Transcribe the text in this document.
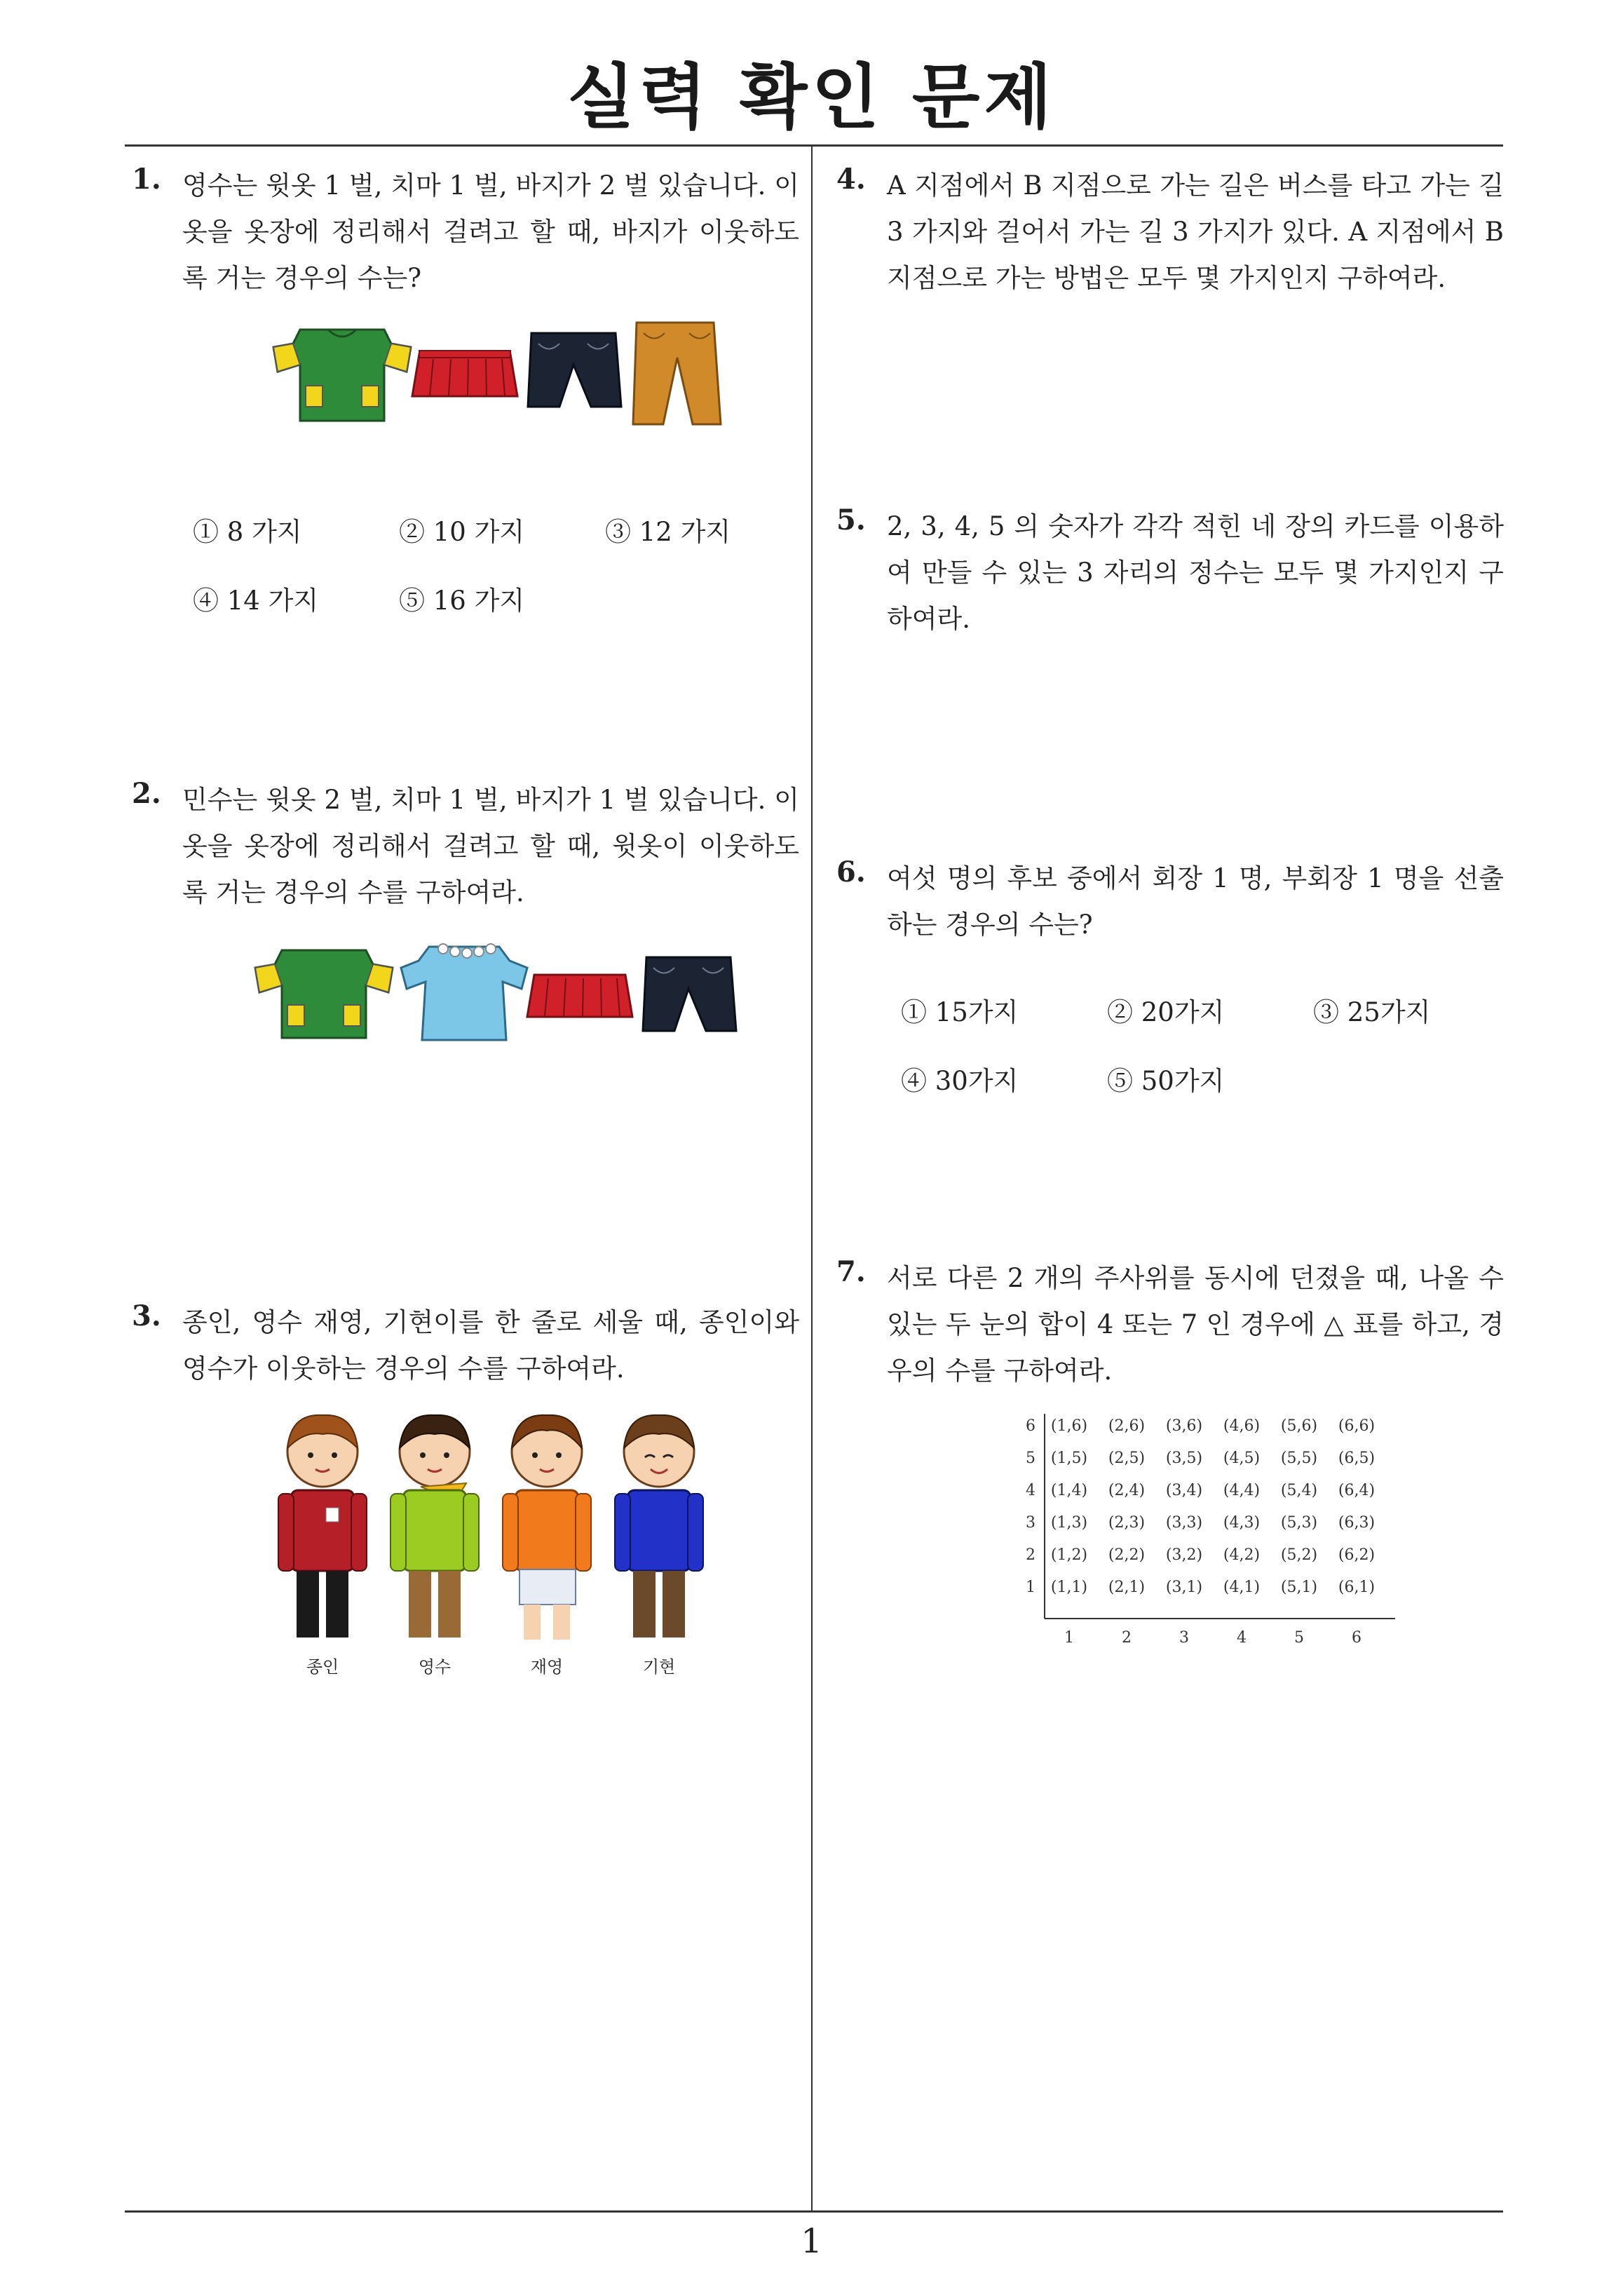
실력 확인 문제
1. 영수는 윗옷 1 벌, 치마 1 벌, 바지가 2 벌 있습니다. 이 옷을 옷장에 정리해서 걸려고 할 때, 바지가 이웃하도록 거는 경우의 수는?
① 8 가지	② 10 가지	③ 12 가지
④ 14 가지	⑤ 16 가지
2. 민수는 윗옷 2 벌, 치마 1 벌, 바지가 1 벌 있습니다. 이 옷을 옷장에 정리해서 걸려고 할 때, 윗옷이 이웃하도록 거는 경우의 수를 구하여라.
3. 종인, 영수 재영, 기현이를 한 줄로 세울 때, 종인이와 영수가 이웃하는 경우의 수를 구하여라.
종인	영수	재영	기현
4. A 지점에서 B 지점으로 가는 길은 버스를 타고 가는 길 3 가지와 걸어서 가는 길 3 가지가 있다. A 지점에서 B 지점으로 가는 방법은 모두 몇 가지인지 구하여라.
5. 2, 3, 4, 5 의 숫자가 각각 적힌 네 장의 카드를 이용하여 만들 수 있는 3 자리의 정수는 모두 몇 가지인지 구하여라.
6. 여섯 명의 후보 중에서 회장 1 명, 부회장 1 명을 선출하는 경우의 수는?
① 15가지	② 20가지	③ 25가지
④ 30가지	⑤ 50가지
7. 서로 다른 2 개의 주사위를 동시에 던졌을 때, 나올 수 있는 두 눈의 합이 4 또는 7 인 경우에 △ 표를 하고, 경우의 수를 구하여라.
6 (1,6) (2,6) (3,6) (4,6) (5,6) (6,6)
5 (1,5) (2,5) (3,5) (4,5) (5,5) (6,5)
4 (1,4) (2,4) (3,4) (4,4) (5,4) (6,4)
3 (1,3) (2,3) (3,3) (4,3) (5,3) (6,3)
2 (1,2) (2,2) (3,2) (4,2) (5,2) (6,2)
1 (1,1) (2,1) (3,1) (4,1) (5,1) (6,1)
1	2	3	4	5	6
1
